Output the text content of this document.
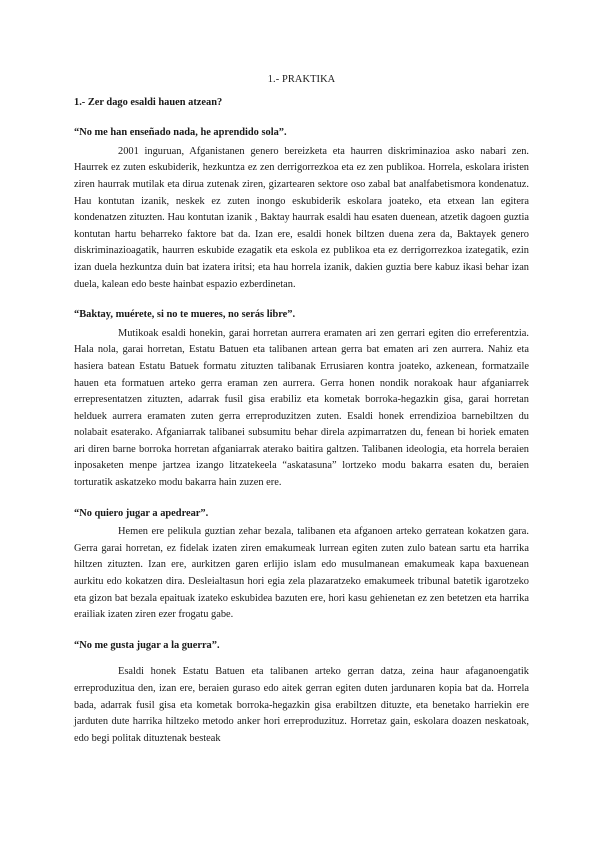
1.- PRAKTIKA
1.- Zer dago esaldi hauen atzean?
“No me han enseñado nada, he aprendido sola”.

2001 inguruan, Afganistanen genero bereizketa eta haurren diskriminazioa asko nabari zen. Haurrek ez zuten eskubiderik, hezkuntza ez zen derrigorrezkoa eta ez zen publikoa. Horrela, eskolara iristen ziren haurrak mutilak eta dirua zutenak ziren, gizartearen sektore oso zabal bat analfabetismora kondenatuz. Hau kontutan izanik, neskek ez zuten inongo eskubiderik eskolara joateko, eta etxean lan egitera kondenatzen zituzten. Hau kontutan izanik , Baktay haurrak esaldi hau esaten duenean, atzetik dagoen guztia kontutan hartu beharreko faktore bat da. Izan ere, esaldi honek biltzen duena zera da, Baktayek genero diskriminazioagatik, haurren eskubide ezagatik eta eskola ez publikoa eta ez derrigorrezkoa izategatik, ezin izan duela hezkuntza duin bat izatera iritsi; eta hau horrela izanik, dakien guztia bere kabuz ikasi behar izan duela, kalean edo beste hainbat espazio ezberdinetan.

“Baktay, muérete, si no te mueres, no serás libre”.

Mutikoak esaldi honekin, garai horretan aurrera eramaten ari zen gerrari egiten dio erreferentzia. Hala nola, garai horretan, Estatu Batuen eta talibanen artean gerra bat ematen ari zen aurrera. Nahiz eta hasiera batean Estatu Batuek formatu zituzten talibanak Errusiaren kontra joateko, azkenean, formatzaile hauen eta formatuen arteko gerra eraman zen aurrera. Gerra honen nondik norakoak haur afganiarrek errepresentatzen zituzten, adarrak fusil gisa erabiliz eta kometak borroka-hegazkin gisa, garai horretan helduek aurrera eramaten zuten gerra erreproduzitzen zuten. Esaldi honek errendizioa barnebiltzen du nolabait esaterako. Afganiarrak talibanei subsumitu behar direla azpimarratzen du, fenean bi horiek ematen ari diren barne borroka horretan afganiarrak aterako baitira galtzen. Talibanen ideologia, eta horrela beraien inposaketen menpe jartzea izango litzatekeela “askatasuna” lortzeko modu bakarra esaten du, beraien torturatik askatzeko modu bakarra hain zuzen ere.

“No quiero jugar a apedrear”.

Hemen ere pelikula guztian zehar bezala, talibanen eta afganoen arteko gerratean kokatzen gara. Gerra garai horretan, ez fidelak izaten ziren emakumeak lurrean egiten zuten zulo batean sartu eta harrika hiltzen zituzten. Izan ere, aurkitzen garen erlijio islam edo musulmanean emakumeak kapa baxuenean aurkitu edo kokatzen dira. Desleialtasun hori egia zela plazaratzeko emakumeek tribunal batetik igarotzeko eta gizon bat bezala epaituak izateko eskubidea bazuten ere, hori kasu gehienetan ez zen betetzen eta harrika erailiak izaten ziren ezer frogatu gabe.

“No me gusta jugar a la guerra”.

Esaldi honek Estatu Batuen eta talibanen arteko gerran datza, zeina haur afaganoengatik erreproduzitua den, izan ere, beraien guraso edo aitek gerran egiten duten jardunaren kopia bat da. Horrela bada, adarrak fusil gisa eta kometak borroka-hegazkin gisa erabiltzen dituzte, eta benetako harriekin ere jarduten dute harrika hiltzeko metodo anker hori erreproduzituz. Horretaz gain, eskolara doazen neskatoak, edo begi politak dituztenak besteak
